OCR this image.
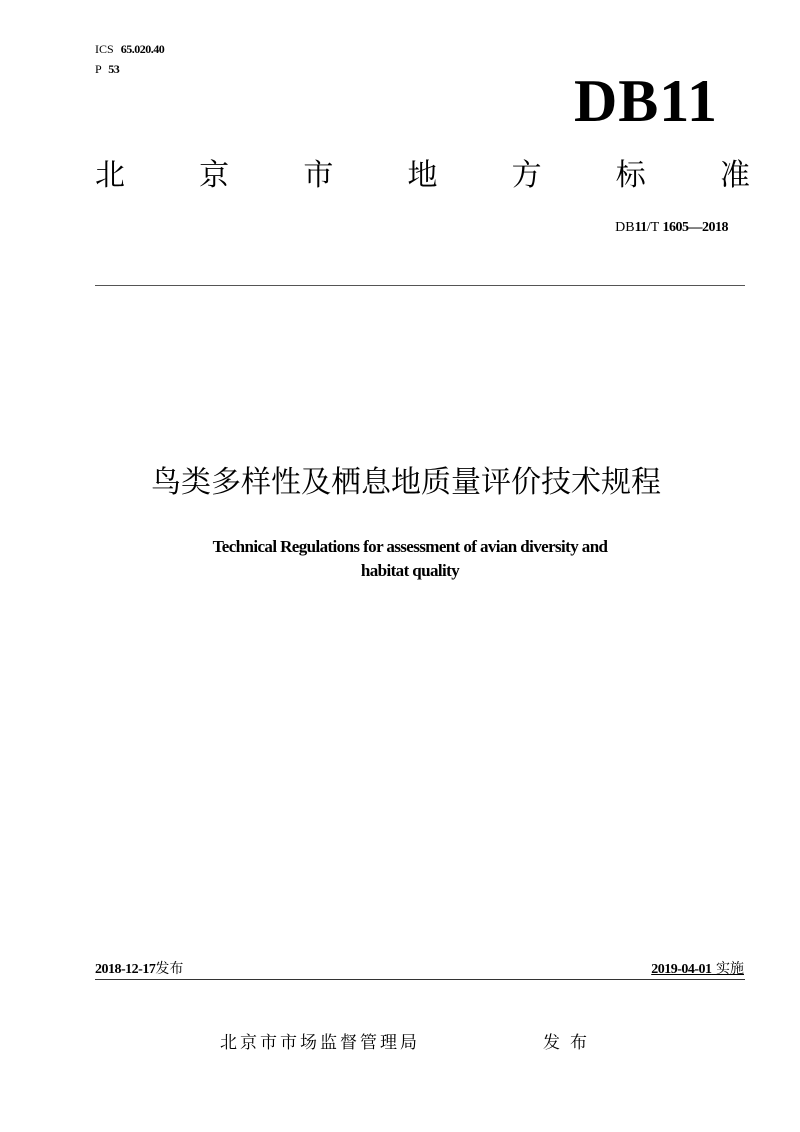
ICS 65.020.40
P 53	DB11
北 京 市 地 方 标 准
DB11/T 1605—2018
鸟类多样性及栖息地质量评价技术规程
Technical Regulations for assessment of avian diversity and
habitat quality
2018-12-17发布	2019-04-01 实施
北京市市场监督管理局	发布
